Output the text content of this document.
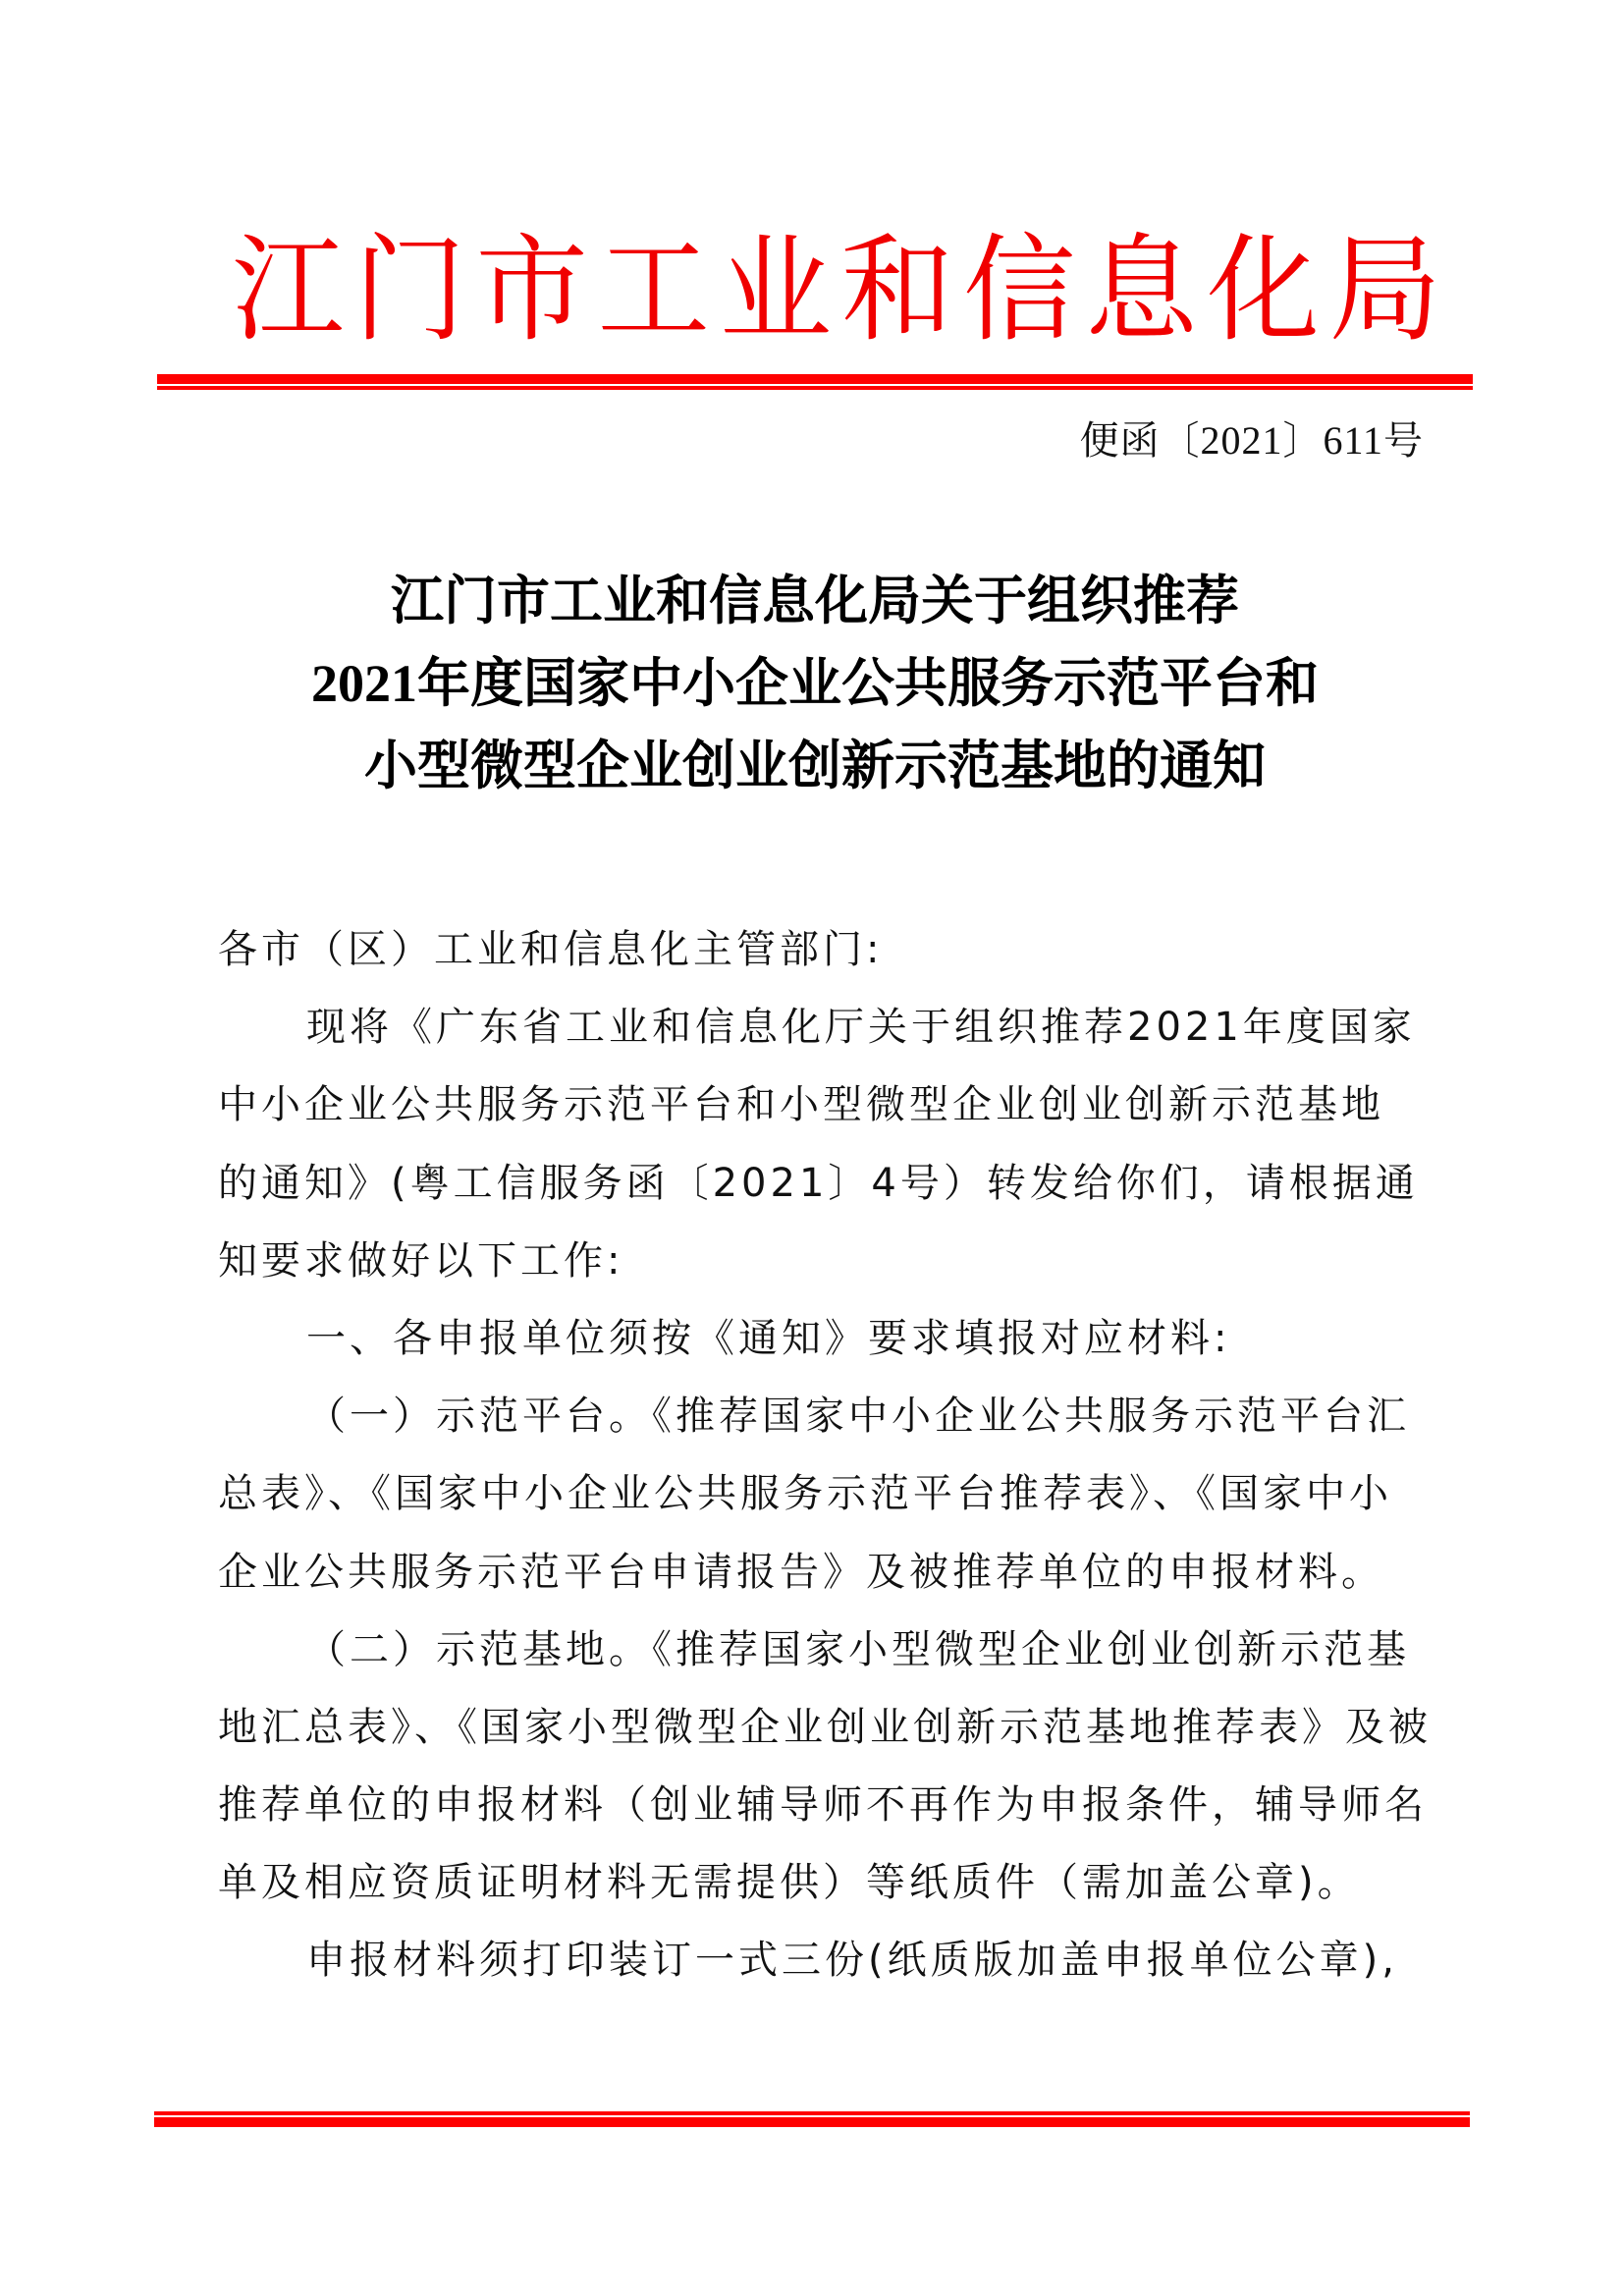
江门市工业和信息化局
便函〔2021〕611号
江门市工业和信息化局关于组织推荐
2021年度国家中小企业公共服务示范平台和
小型微型企业创业创新示范基地的通知
各市（区）工业和信息化主管部门:
现将《广东省工业和信息化厅关于组织推荐2021年度国家
中小企业公共服务示范平台和小型微型企业创业创新示范基地
的通知》(粤工信服务函〔2021〕4号）转发给你们，请根据通
知要求做好以下工作:
一、各申报单位须按《通知》要求填报对应材料:
（一）示范平台。《推荐国家中小企业公共服务示范平台汇
总表》、《国家中小企业公共服务示范平台推荐表》、《国家中小
企业公共服务示范平台申请报告》及被推荐单位的申报材料。
（二）示范基地。《推荐国家小型微型企业创业创新示范基
地汇总表》、《国家小型微型企业创业创新示范基地推荐表》及被
推荐单位的申报材料（创业辅导师不再作为申报条件，辅导师名
单及相应资质证明材料无需提供）等纸质件（需加盖公章)。
申报材料须打印装订一式三份(纸质版加盖申报单位公章),
